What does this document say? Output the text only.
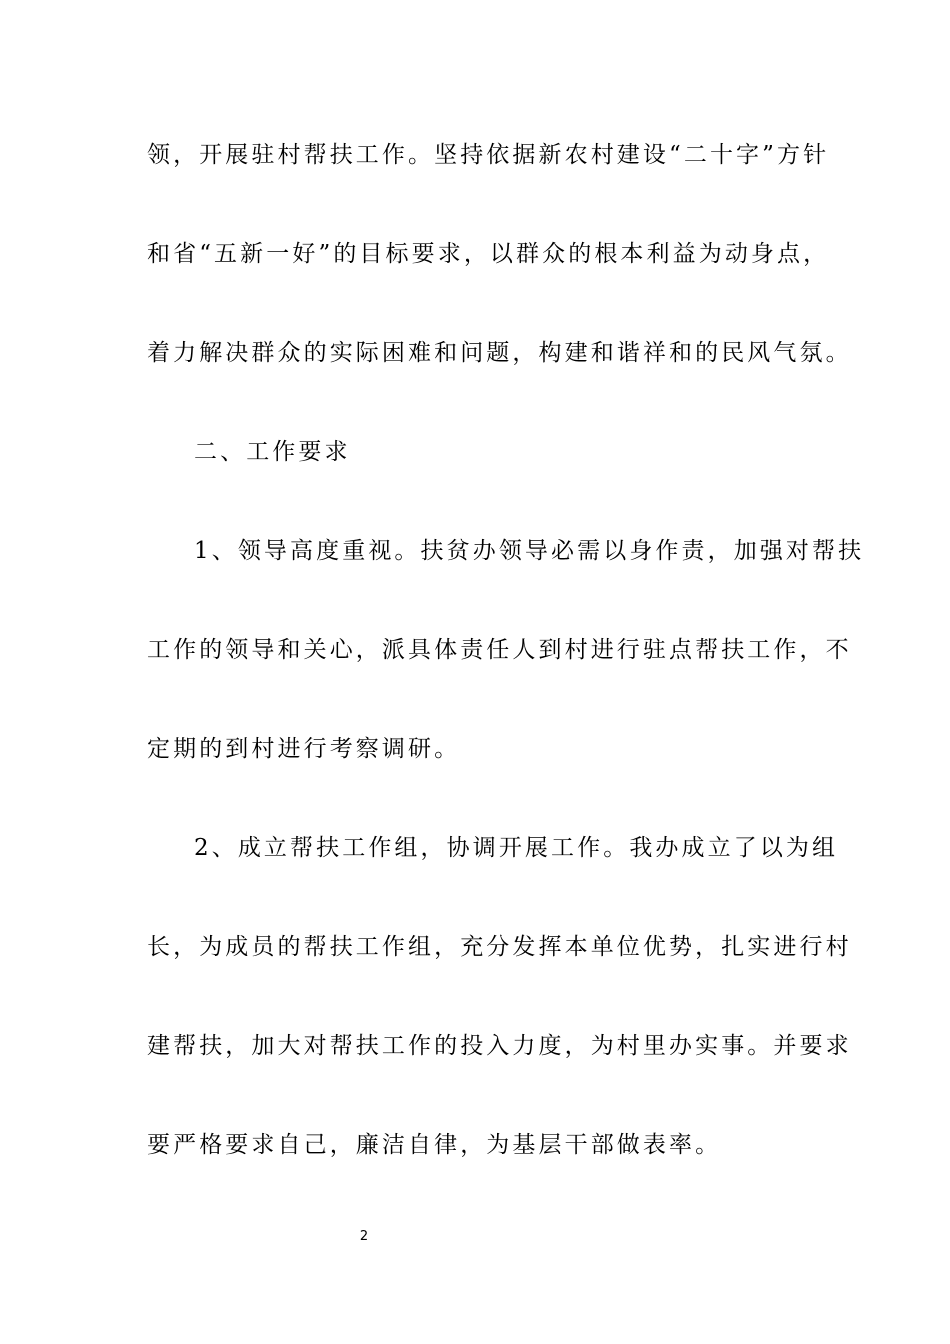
领，开展驻村帮扶工作。坚持依据新农村建设“二十字”方针

和省“五新一好”的目标要求，以群众的根本利益为动身点，

着力解决群众的实际困难和问题，构建和谐祥和的民风气氛。

二、工作要求

1、领导高度重视。扶贫办领导必需以身作责，加强对帮扶

工作的领导和关心，派具体责任人到村进行驻点帮扶工作，不

定期的到村进行考察调研。

2、成立帮扶工作组，协调开展工作。我办成立了以为组

长，为成员的帮扶工作组，充分发挥本单位优势，扎实进行村

建帮扶，加大对帮扶工作的投入力度，为村里办实事。并要求

要严格要求自己，廉洁自律，为基层干部做表率。

2
